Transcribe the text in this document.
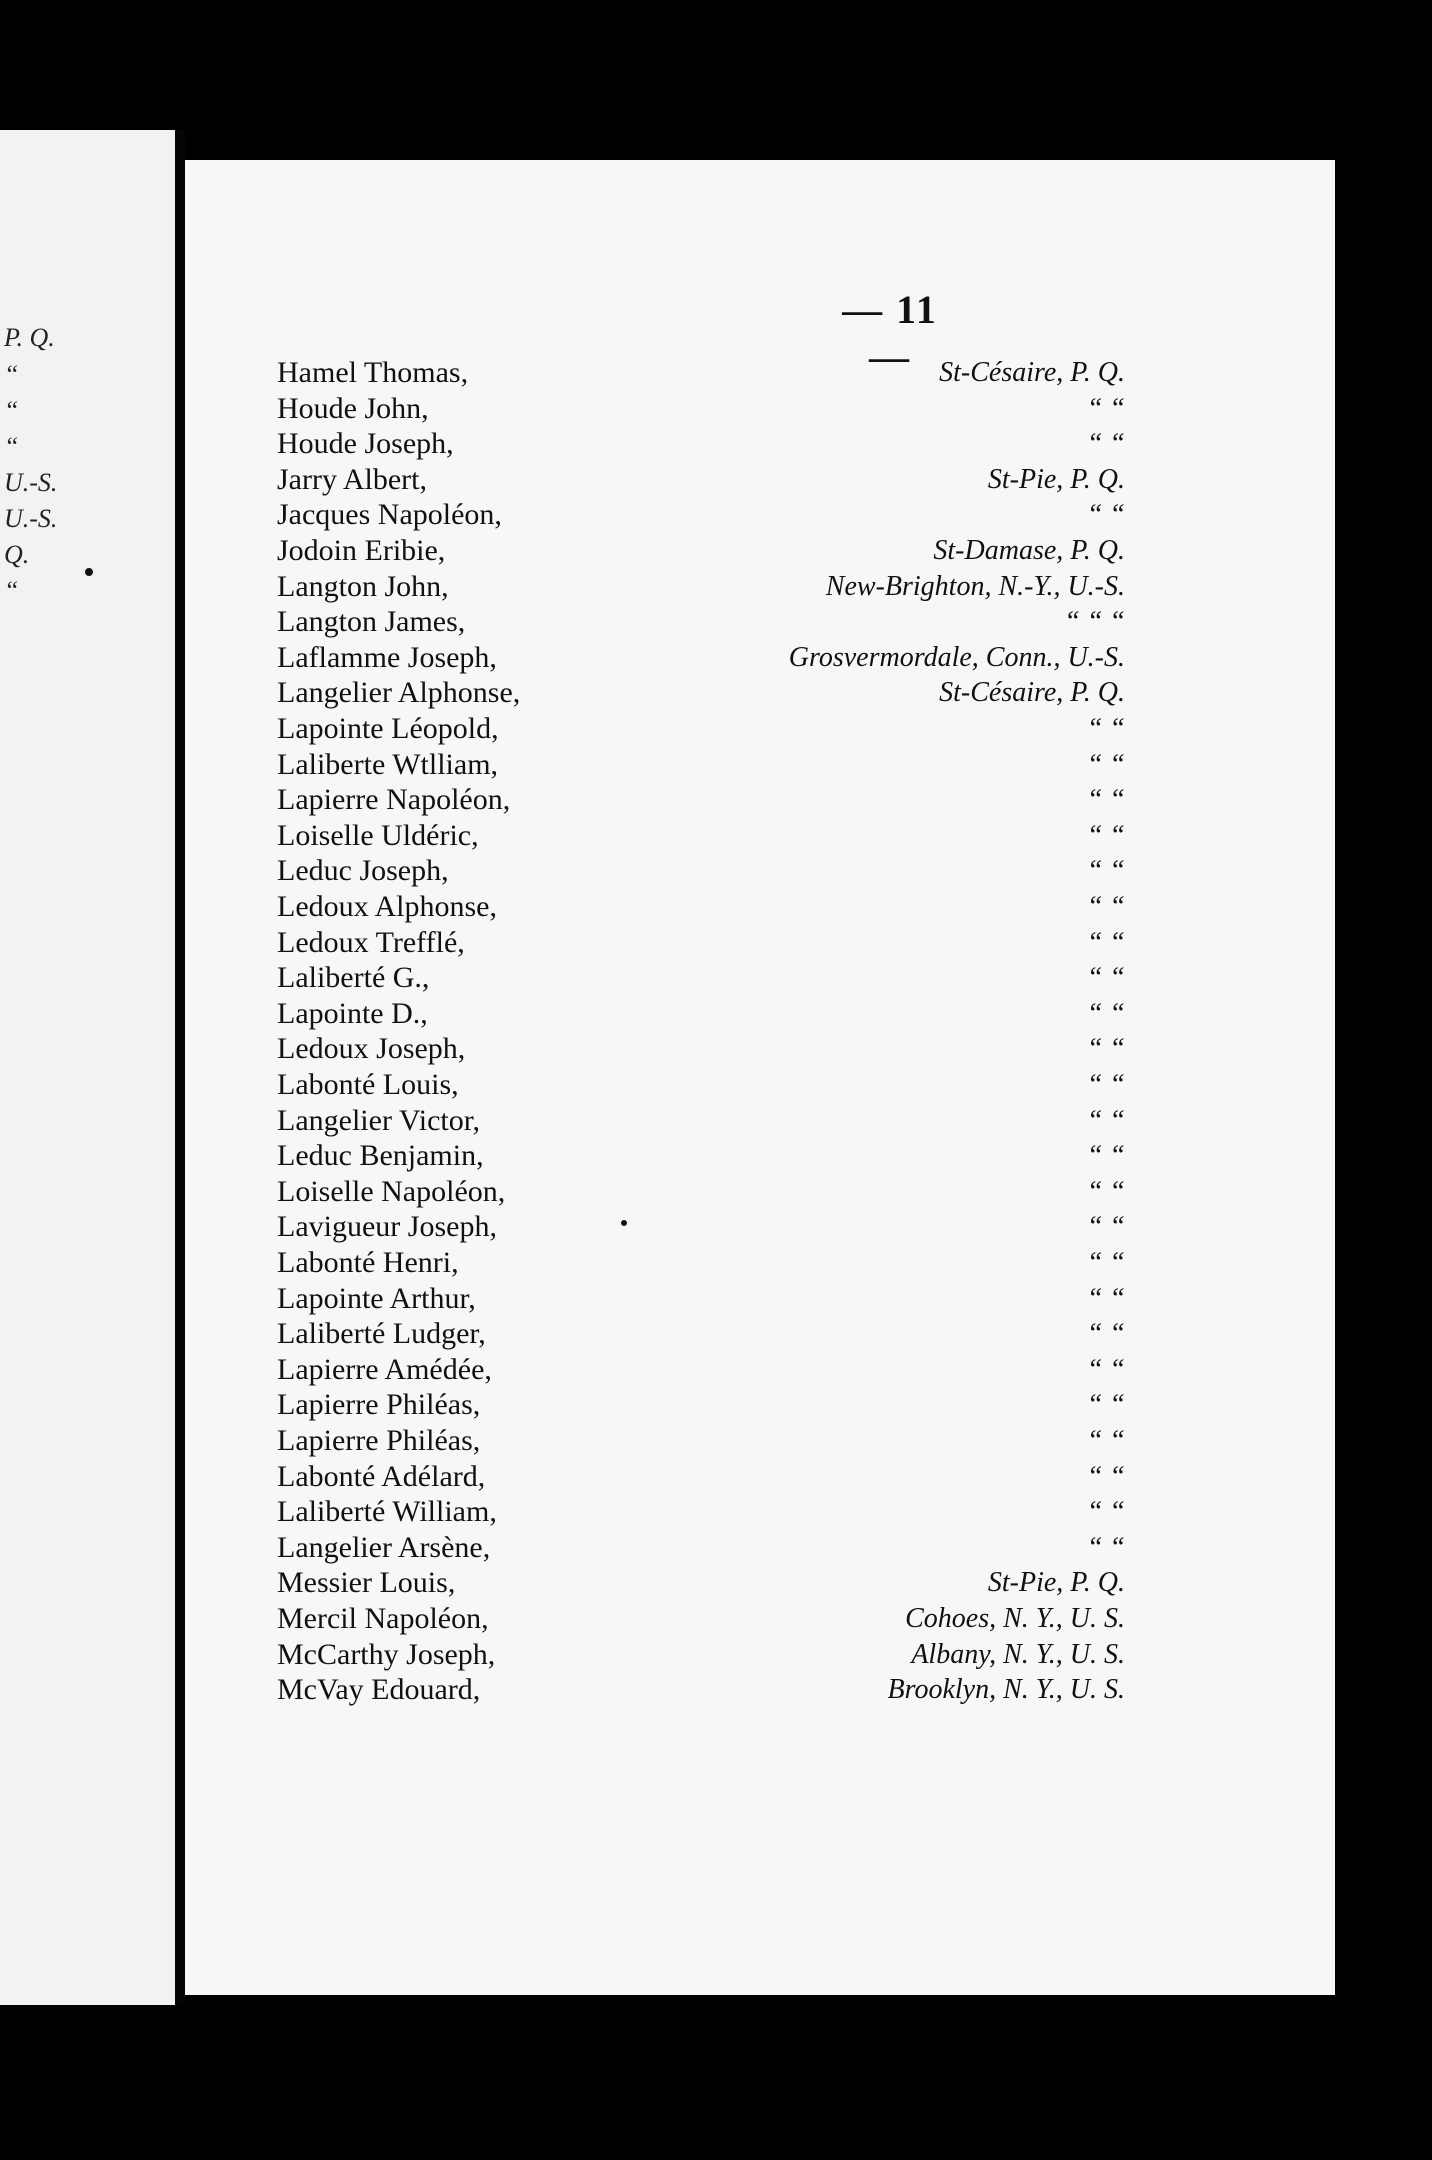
P. Q.
“
“
“
U.-S.
U.-S.
Q.
“
— 11 —
Hamel Thomas,	St-Césaire, P. Q.
Houde John,	“ “
Houde Joseph,	“ “
Jarry Albert,	St-Pie, P. Q.
Jacques Napoléon,	“ “
Jodoin Eribie,	St-Damase, P. Q.
Langton John,	New-Brighton, N.-Y., U.-S.
Langton James,	“ “ “
Laflamme Joseph,	Grosvermordale, Conn., U.-S.
Langelier Alphonse,	St-Césaire, P. Q.
Lapointe Léopold,	“ “
Laliberte Wtlliam,	“ “
Lapierre Napoléon,	“ “
Loiselle Uldéric,	“ “
Leduc Joseph,	“ “
Ledoux Alphonse,	“ “
Ledoux Trefflé,	“ “
Laliberté G.,	“ “
Lapointe D.,	“ “
Ledoux Joseph,	“ “
Labonté Louis,	“ “
Langelier Victor,	“ “
Leduc Benjamin,	“ “
Loiselle Napoléon,	“ “
Lavigueur Joseph,	“ “
Labonté Henri,	“ “
Lapointe Arthur,	“ “
Laliberté Ludger,	“ “
Lapierre Amédée,	“ “
Lapierre Philéas,	“ “
Lapierre Philéas,	“ “
Labonté Adélard,	“ “
Laliberté William,	“ “
Langelier Arsène,	“ “
Messier Louis,	St-Pie, P. Q.
Mercil Napoléon,	Cohoes, N. Y., U. S.
McCarthy Joseph,	Albany, N. Y., U. S.
McVay Edouard,	Brooklyn, N. Y., U. S.
